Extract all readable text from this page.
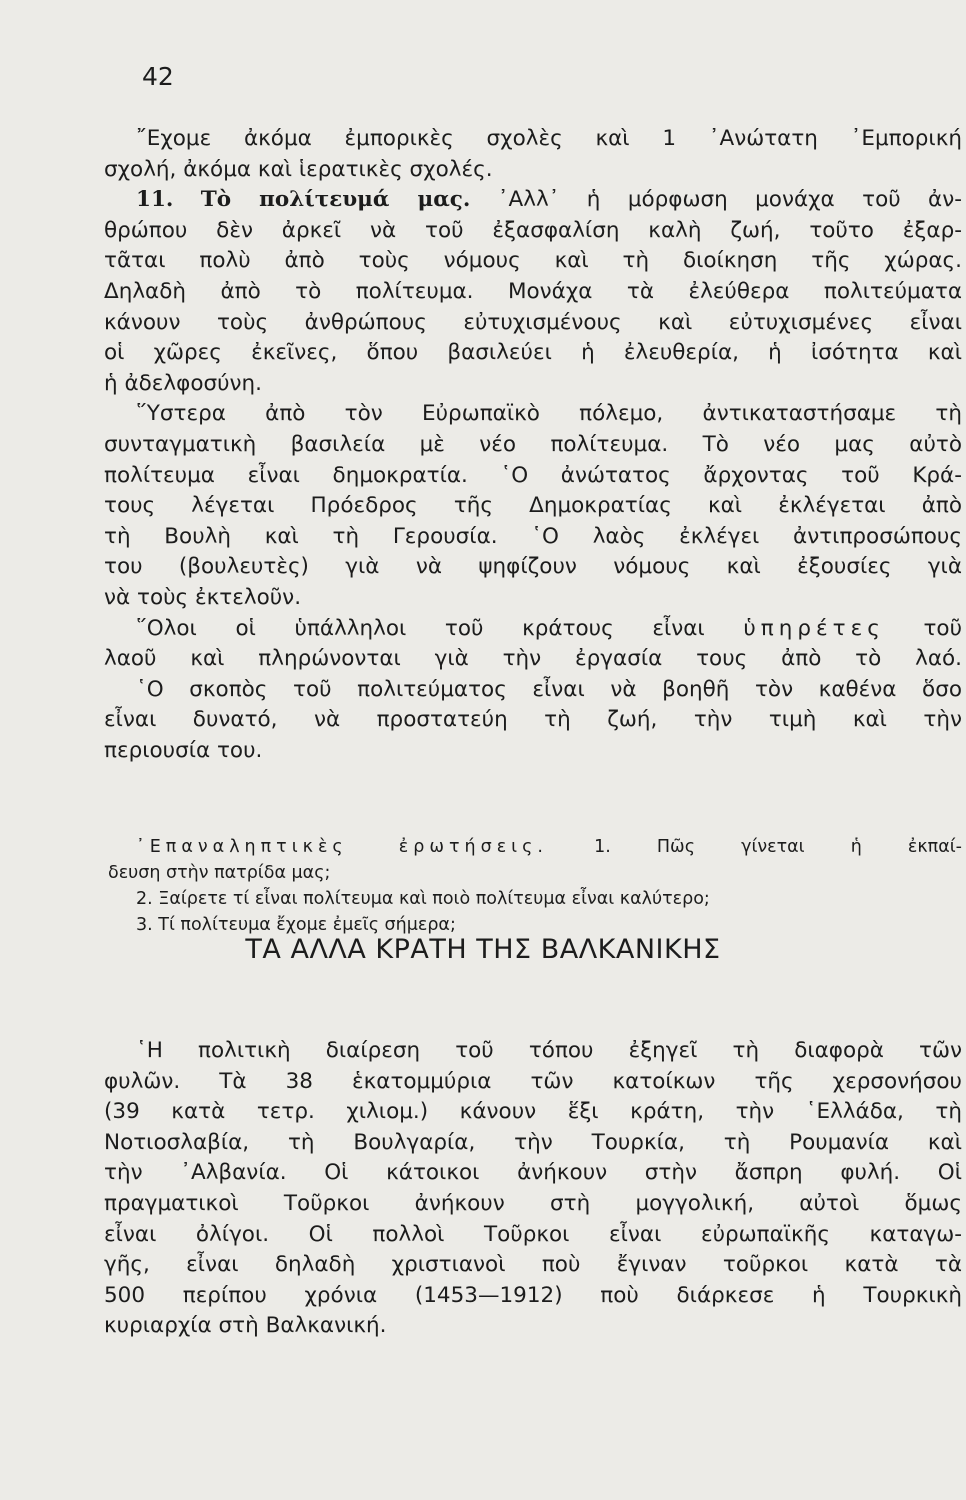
42
῎Εχομε ἀκόμα ἐμπορικὲς σχολὲς καὶ 1 ᾿Ανώτατη ᾿Εμπορική
σχολή, ἀκόμα καὶ ἱερατικὲς σχολές.
11. Τὸ πολίτευμά μας. ᾿Αλλ᾿ ἡ μόρφωση μονάχα τοῦ ἀν-
θρώπου δὲν ἀρκεῖ νὰ τοῦ ἐξασφαλίση καλὴ ζωή, τοῦτο ἐξαρ-
τᾶται πολὺ ἀπὸ τοὺς νόμους καὶ τὴ διοίκηση τῆς χώρας.
Δηλαδὴ ἀπὸ τὸ πολίτευμα. Μονάχα τὰ ἐλεύθερα πολιτεύματα
κάνουν τοὺς ἀνθρώπους εὐτυχισμένους καὶ εὐτυχισμένες εἶναι
οἱ χῶρες ἐκεῖνες, ὅπου βασιλεύει ἡ ἐλευθερία, ἡ ἰσότητα καὶ
ἡ ἀδελφοσύνη.
῞Υστερα ἀπὸ τὸν Εὐρωπαϊκὸ πόλεμο, ἀντικαταστήσαμε τὴ
συνταγματικὴ βασιλεία μὲ νέο πολίτευμα. Τὸ νέο μας αὐτὸ
πολίτευμα εἶναι δημοκρατία. ῾Ο ἀνώτατος ἄρχοντας τοῦ Κρά-
τους λέγεται Πρόεδρος τῆς Δημοκρατίας καὶ ἐκλέγεται ἀπὸ
τὴ Βουλὴ καὶ τὴ Γερουσία. ῾Ο λαὸς ἐκλέγει ἀντιπροσώπους
του (βουλευτὲς) γιὰ νὰ ψηφίζουν νόμους καὶ ἐξουσίες γιὰ
νὰ τοὺς ἐκτελοῦν.
῞Ολοι οἱ ὑπάλληλοι τοῦ κράτους εἶναι ὑπηρέτες τοῦ
λαοῦ καὶ πληρώνονται γιὰ τὴν ἐργασία τους ἀπὸ τὸ λαό.
῾Ο σκοπὸς τοῦ πολιτεύματος εἶναι νὰ βοηθῆ τὸν καθένα ὅσο
εἶναι δυνατό, νὰ προστατεύη τὴ ζωή, τὴν τιμὴ καὶ τὴν
περιουσία του.
᾿Επαναληπτικὲς ἐρωτήσεις.	1. Πῶς γίνεται ἡ ἐκπαί-
δευση στὴν πατρίδα μας;
2. Ξαίρετε τί εἶναι πολίτευμα καὶ ποιὸ πολίτευμα εἶναι καλύτερο;
3. Τί πολίτευμα ἔχομε ἐμεῖς σήμερα;
ΤΑ ΑΛΛΑ ΚΡΑΤΗ ΤΗΣ ΒΑΛΚΑΝΙΚΗΣ
῾Η πολιτικὴ διαίρεση τοῦ τόπου ἐξηγεῖ τὴ διαφορὰ τῶν
φυλῶν. Τὰ 38 ἑκατομμύρια τῶν κατοίκων τῆς χερσονήσου
(39 κατὰ τετρ. χιλιομ.) κάνουν ἕξι κράτη, τὴν ῾Ελλάδα, τὴ
Νοτιοσλαβία, τὴ Βουλγαρία, τὴν Τουρκία, τὴ Ρουμανία καὶ
τὴν ᾿Αλβανία. Οἱ κάτοικοι ἀνήκουν στὴν ἄσπρη φυλή. Οἱ
πραγματικοὶ Τοῦρκοι ἀνήκουν στὴ μογγολική, αὐτοὶ ὅμως
εἶναι ὀλίγοι. Οἱ πολλοὶ Τοῦρκοι εἶναι εὐρωπαϊκῆς καταγω-
γῆς, εἶναι δηλαδὴ χριστιανοὶ ποὺ ἔγιναν τοῦρκοι κατὰ τὰ
500 περίπου χρόνια (1453—1912) ποὺ διάρκεσε ἡ Τουρκικὴ
κυριαρχία στὴ Βαλκανική.
